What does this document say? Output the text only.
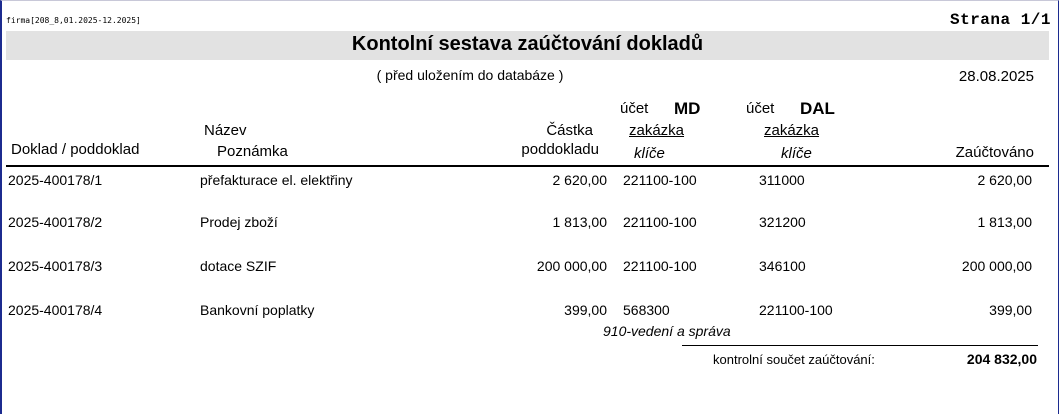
firma[208_8,01.2025-12.2025]	Strana 1/1
Kontolní sestava zaúčtování dokladů
( před uložením do databáze )	28.08.2025
Doklad / poddoklad
Název
Poznámka
Částka
poddokladu
účet MD
zakázka
klíče
účet DAL
zakázka
klíče	Zaúčtováno
2025-400178/1	přefakturace el. elektřiny	2 620,00 221100-100	311000	2 620,00
2025-400178/2	Prodej zboží	1 813,00 221100-100	321200	1 813,00
2025-400178/3	dotace SZIF	200 000,00 221100-100	346100	200 000,00
2025-400178/4	Bankovní poplatky	399,00 568300	221100-100	399,00
910-vedení a správa
kontrolní součet zaúčtování:	204 832,00
